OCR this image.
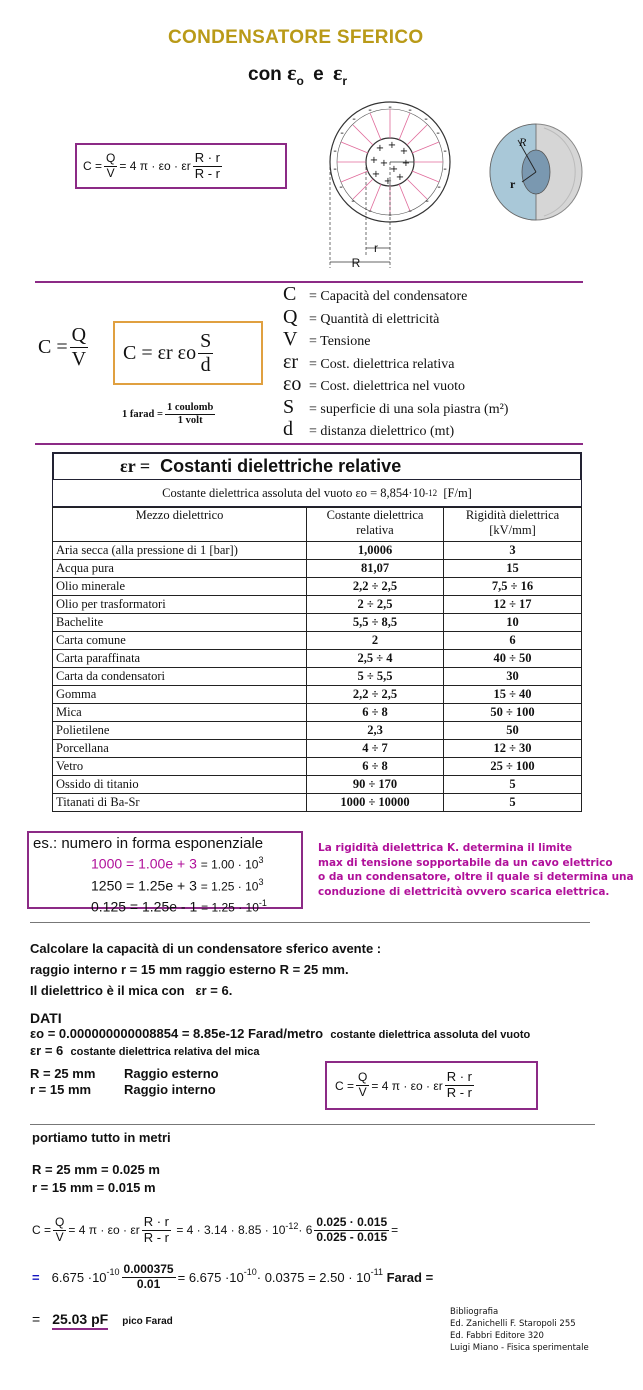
CONDENSATORE SFERICO
con $\varepsilon_o$ e $\varepsilon_r$
$C = \frac{Q}{V} = 4$ π · εo · εr $\frac{R \cdot r}{R - r}$
+ +
+
+ +
+
+ +
+
+
- -
-
-
-
-
-
-
-
-
-
-
-
-
-
-
-
-
r
R
R
r
$C = \frac{Q}{V}$ C =
εr εo $\frac{S}{d}$
1 farad = $\frac{\text{1 coulomb}}{\text{1 volt}}$
C = Capacità del condensatore
Q = Quantità di elettricità
V = Tensione
εr = Cost. dielettrica relativa
εo = Cost. dielettrica nel vuoto
S = superficie di una sola piastra (m²)
d = distanza dielettrico (mt)
εr = Costanti dielettriche relative
Costante dielettrica assoluta del vuoto εo = 8,854·10 -12
[F/m]
Mezzo dielettrico	Costante dielettrica relativa	Rigidità dielettrica [kV/mm]
Aria secca (alla pressione di 1 [bar])	1,0006	3
Acqua pura	81,07	15
Olio minerale	2,2 ÷ 2,5	7,5 ÷ 16
Olio per trasformatori	2 ÷ 2,5	12 ÷ 17
Bachelite	5,5 ÷ 8,5	10
Carta comune	2	6
Carta paraffinata	2,5 ÷ 4	40 ÷ 50
Carta da condensatori	5 ÷ 5,5	30
Gomma	2,2 ÷ 2,5	15 ÷ 40
Mica	6 ÷ 8	50 ÷ 100
Polietilene	2,3	50
Porcellana	4 ÷ 7	12 ÷ 30
Vetro	6 ÷ 8	25 ÷ 100
Ossido di titanio	90 ÷ 170	5
Titanati di Ba-Sr	1000 ÷ 10000	5
es.: numero in forma esponenziale
$1000 = 1.00e + 3 = 1.00 \cdot 10^3$
$1250 = 1.25e + 3 = 1.25 \cdot 10^3$
$0.125 = 1.25e - 1 = 1.25 \cdot 10^{-1}$
La rigidità dielettrica K. determina il limite
max di tensione sopportabile da un cavo elettrico
o da un condensatore, oltre il quale si determina una
conduzione di elettricità ovvero scarica elettrica.
Calcolare la capacità di un condensatore sferico avente :
raggio interno r = 15 mm raggio esterno R = 25 mm.
Il dielettrico è il mica con εr = 6.
DATI
εo = 0.000000000008854 = 8.85e-12 Farad/metro costante dielettrica assoluta del vuoto
εr = 6 costante dielettrica relativa del mica
R = 25 mm Raggio esterno
r = 15 mm	Raggio interno	$C = \frac{Q}{V} = 4$ π · εo · εr $\frac{R \cdot r}{R - r}$
portiamo tutto in metri
R = 25 mm = 0.025 m
r = 15 mm = 0.015 m
$C = \frac{Q}{V} = 4$ π · εo · εr $\frac{R \cdot r}{R - r}$
= 4 · 3.14 · 8.85 · 10 $-12 \cdot 6 \frac{0.025 \cdot 0.015}{0.025 - 0.015}$ =
= 6.675 ·10 $-10 \frac{0.000375}{0.01} = 6.675 \cdot 10$ -10 · 0.0375 = 2.50 · 10 -11
Farad =
= 25.03 pF pico Farad
Bibliografia
Ed. Zanichelli F. Staropoli 255
Ed. Fabbri Editore 320
Luigi Miano - Fisica sperimentale
